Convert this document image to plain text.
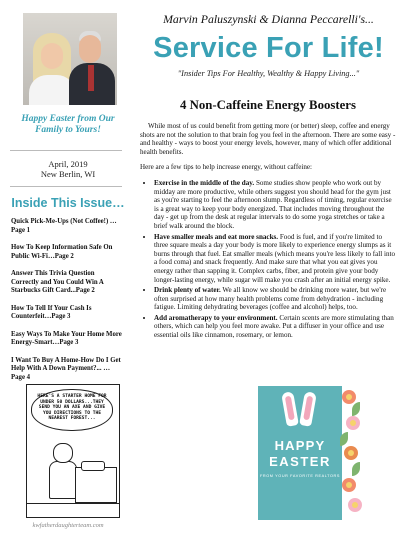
Happy Easter from Our Family to Yours!
April, 2019
New Berlin, WI
Inside This Issue…
Quick Pick-Me-Ups (Not Coffee!) …Page 1
How To Keep Information Safe On Public Wi-Fi…Page 2
Answer This Trivia Question Correctly and You Could Win A Starbucks Gift Card...Page 2
How To Tell If Your Cash Is Counterfeit…Page 3
Easy Ways To Make Your Home More Energy-Smart…Page 3
I Want To Buy A Home-How Do I Get Help With A Down Payment?... …Page 4
HERE'S A STARTER HOME FOR UNDER 50 DOLLARS...THEY SEND YOU AN AXE AND GIVE YOU DIRECTIONS TO THE NEAREST FOREST...
kwfatherdaughterteam.com
Marvin Paluszynski & Dianna Peccarelli's...
Service For Life!
"Insider Tips For Healthy, Wealthy & Happy Living..."
4 Non-Caffeine Energy Boosters

While most of us could benefit from getting more (or better) sleep, coffee and energy shots are not the solution to that brain fog you feel in the afternoon. There are some easy - and healthy - ways to boost your energy levels, however, many of which offer additional health benefits.

Here are a few tips to help increase energy, without caffeine:

• Exercise in the middle of the day. Some studies show people who work out by midday are more productive, while others suggest you should head for the gym just as you're starting to feel the afternoon slump. Regardless of timing, regular exercise is a great way to keep your body energized. That includes moving throughout the day - get up from the desk at regular intervals to do some yoga stretches or take a brief walk around the block.
• Have smaller meals and eat more snacks. Food is fuel, and if you're limited to three square meals a day your body is more likely to experience energy slumps as it burns through that fuel. Eat smaller meals (which means you're less likely to fall into a food coma) and snack frequently. And make sure that what you eat gives you energy rather than sapping it. Complex carbs, fiber, and protein give your body longer-lasting energy, while sugar will make you crash after an initial energy spike.
• Drink plenty of water. We all know we should be drinking more water, but we're often surprised at how many health problems come from dehydration - including fatigue. Limiting dehydrating beverages (coffee and alcohol) helps, too.
• Add aromatherapy to your environment. Certain scents are more stimulating than others, which can help you feel more awake. Put a diffuser in your office and use essential oils like cinnamon, rosemary, or lemon.
HAPPY
EASTER
FROM YOUR FAVORITE REALTORS
